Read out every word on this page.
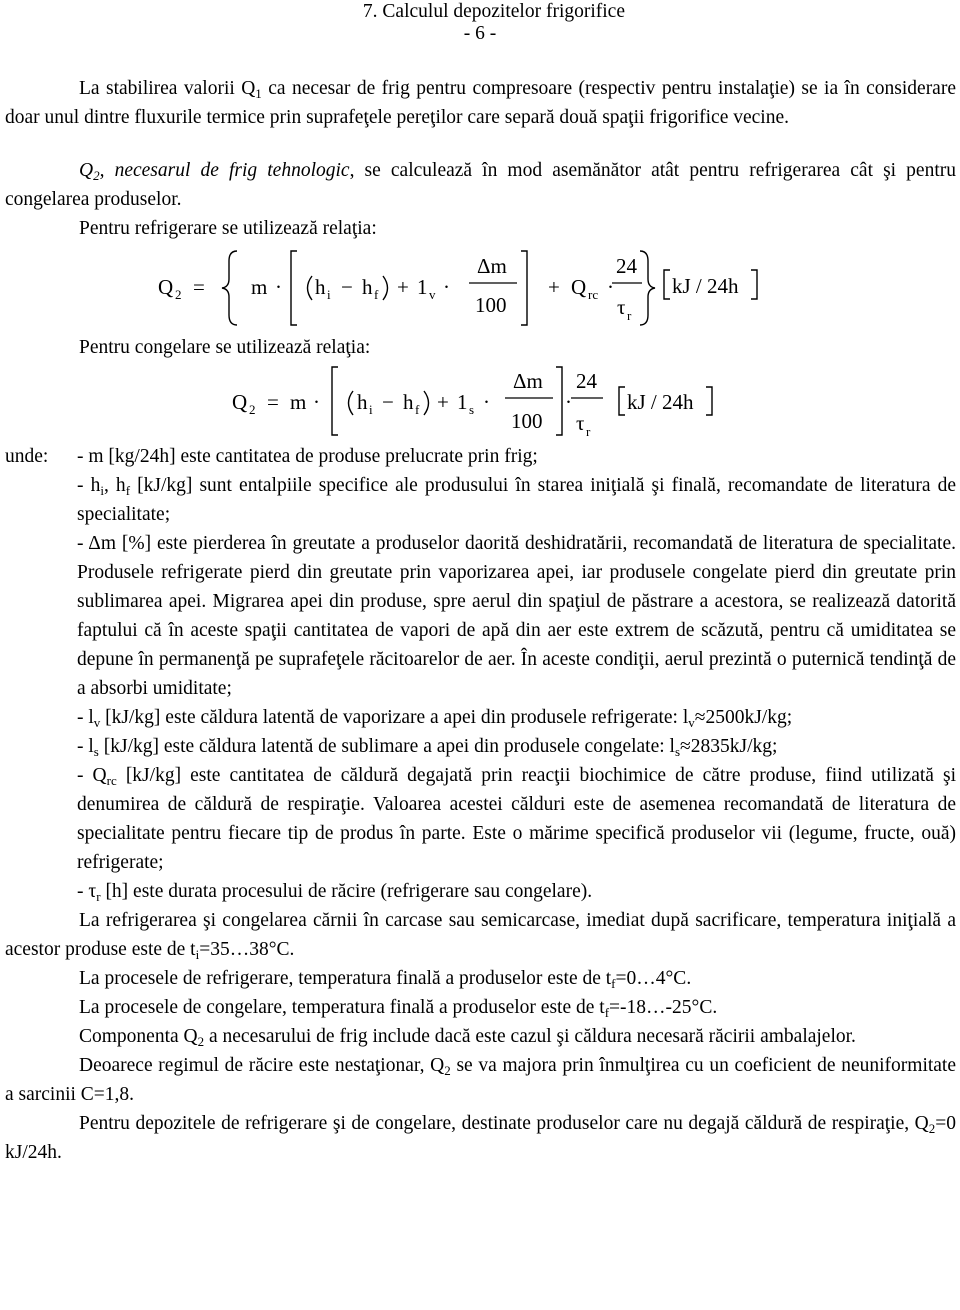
7. Calculul depozitelor frigorifice
- 6 -

La stabilirea valorii $Q_1$ ca necesar de frig pentru compresoare (respectiv pentru instalaţie) se ia în considerare doar unul dintre fluxurile termice prin suprafeţele pereţilor care separă două spaţii frigorifice vecine.

$Q_2$, necesarul de frig tehnologic, se calculează în mod asemănător atât pentru refrigerarea cât şi pentru congelarea produselor.

Pentru refrigerare se utilizează relaţia:

Q 2 = m · h i − h f + 1 v ·
Δm
100
+ Q rc ·
24
τ r
kJ / 24h

Pentru congelare se utilizează relaţia:

Q 2 = m · h i − h f + 1 s ·
Δm
100
·
24
τ r
kJ / 24h
unde:	- m [kg/24h] este cantitatea de produse prelucrate prin frig;

- $h_i$, $h_f$ [kJ/kg] sunt entalpiile specifice ale produsului în starea iniţială şi finală, recomandate de literatura de specialitate;

- Δm [%] este pierderea în greutate a produselor daorită deshidratării, recomandată de literatura de specialitate. Produsele refrigerate pierd din greutate prin vaporizarea apei, iar produsele congelate pierd din greutate prin sublimarea apei. Migrarea apei din produse, spre aerul din spaţiul de păstrare a acestora, se realizează datorită faptului că în aceste spaţii cantitatea de vapori de apă din aer este extrem de scăzută, pentru că umiditatea se depune în permanenţă pe suprafeţele răcitoarelor de aer. În aceste condiţii, aerul prezintă o puternică tendinţă de a absorbi umiditate;

- $l_v$ [kJ/kg] este căldura latentă de vaporizare a apei din produsele refrigerate: $l_v\approx 2500kJ/kg$;

- $l_s$ [kJ/kg] este căldura latentă de sublimare a apei din produsele congelate: $l_s\approx 2835kJ/kg$;

- $Q_{rc}$ [kJ/kg] este cantitatea de căldură degajată prin reacţii biochimice de către produse, fiind utilizată şi denumirea de căldură de respiraţie. Valoarea acestei călduri este de asemenea recomandată de literatura de specialitate pentru fiecare tip de produs în parte. Este o mărime specifică produselor vii (legume, fructe, ouă) refrigerate;

- $\tau_r$ [h] este durata procesului de răcire (refrigerare sau congelare).

La refrigerarea şi congelarea cărnii în carcase sau semicarcase, imediat după sacrificare, temperatura iniţială a acestor produse este de $t_i=35\dots 38^\circ C$.

La procesele de refrigerare, temperatura finală a produselor este de $t_f=0\dots 4^\circ C$.

La procesele de congelare, temperatura finală a produselor este de $t_f=-18\dots-25^\circ C$.

Componenta $Q_2$ a necesarului de frig include dacă este cazul şi căldura necesară răcirii ambalajelor.

Deoarece regimul de răcire este nestaţionar, $Q_2$ se va majora prin înmulţirea cu un coeficient de neuniformitate a sarcinii C=1,8.

Pentru depozitele de refrigerare şi de congelare, destinate produselor care nu degajă căldură de respiraţie, $Q_2=0$ kJ/24h.
